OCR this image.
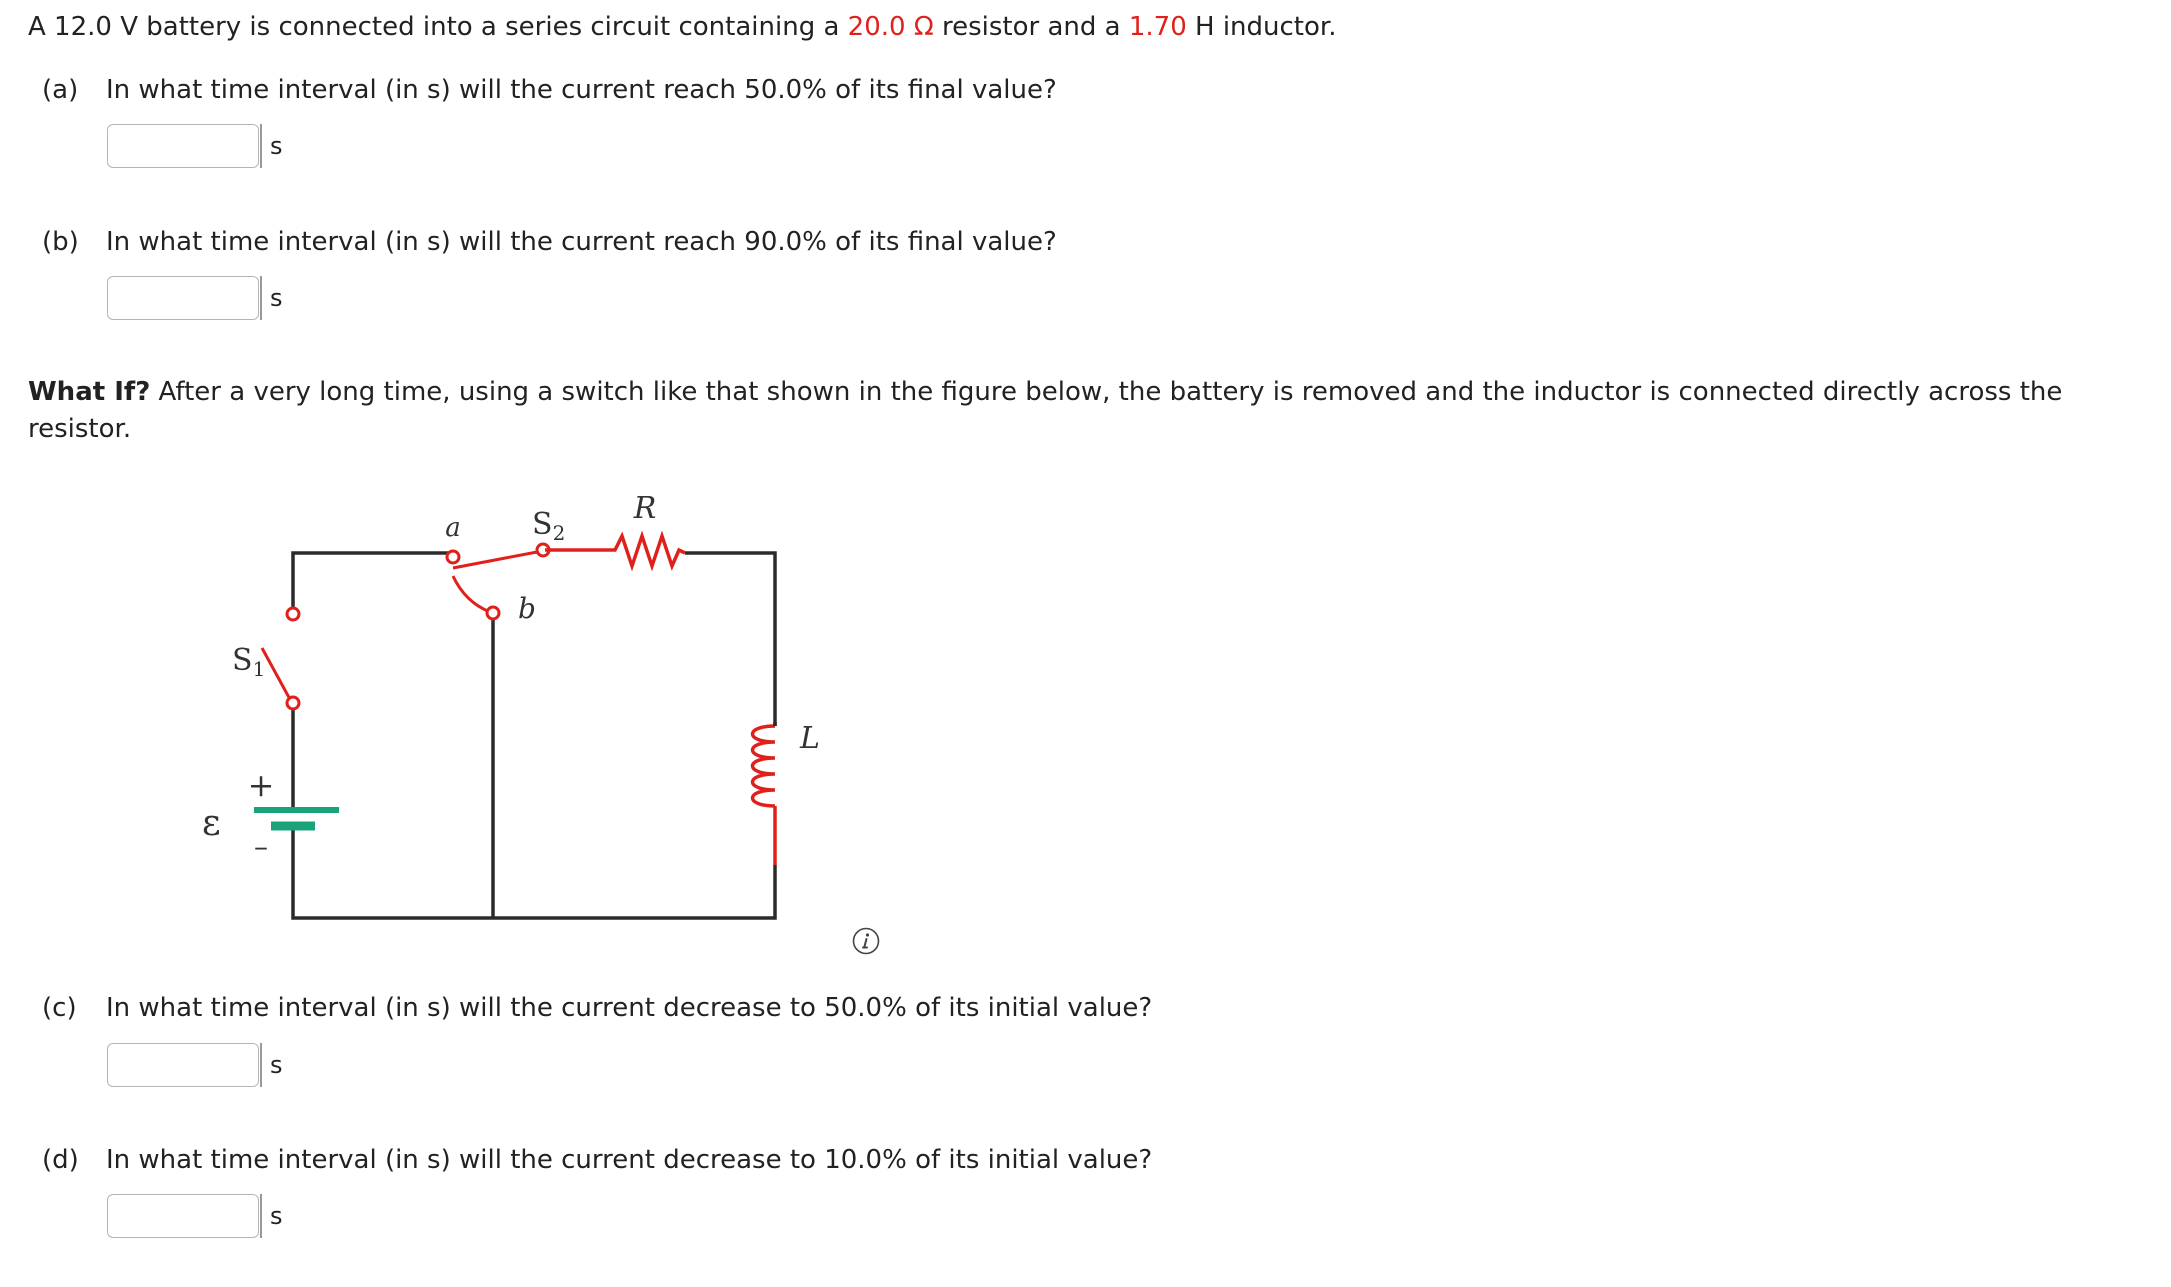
A 12.0 V battery is connected into a series circuit containing a 20.0 Ω resistor and a 1.70 H inductor.
(a) In what time interval (in s) will the current reach 50.0% of its final value?
s
(b) In what time interval (in s) will the current reach 90.0% of its final value?
s
What If? After a very long time, using a switch like that shown in the figure below, the battery is removed and the inductor is connected directly across the resistor.
a
b
$S_2$
R
$S_1$
L
ε
+
–
(c) In what time interval (in s) will the current decrease to 50.0% of its initial value?
s
(d) In what time interval (in s) will the current decrease to 10.0% of its initial value?
s
